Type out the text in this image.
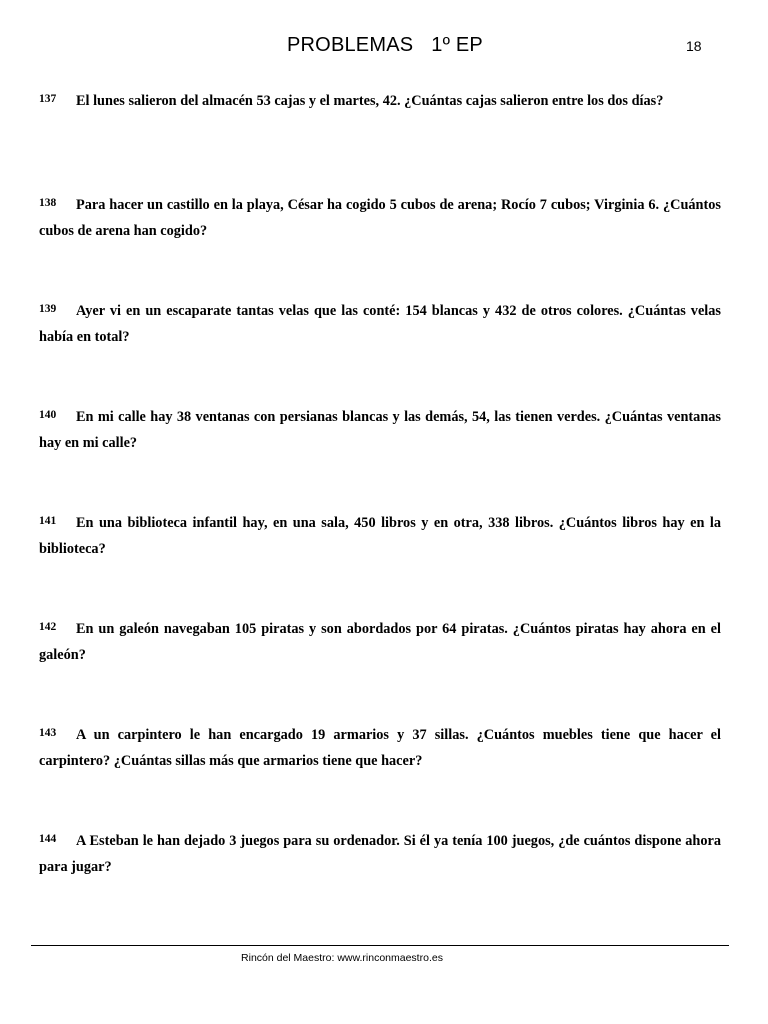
PROBLEMAS 1º EP	18
137 El lunes salieron del almacén 53 cajas y el martes, 42. ¿Cuántas cajas salieron entre los dos días?
138 Para hacer un castillo en la playa, César ha cogido 5 cubos de arena; Rocío 7 cubos; Virginia 6. ¿Cuántos cubos de arena han cogido?
139 Ayer vi en un escaparate tantas velas que las conté: 154 blancas y 432 de otros colores. ¿Cuántas velas había en total?
140 En mi calle hay 38 ventanas con persianas blancas y las demás, 54, las tienen verdes. ¿Cuántas ventanas hay en mi calle?
141 En una biblioteca infantil hay, en una sala, 450 libros y en otra, 338 libros. ¿Cuántos libros hay en la biblioteca?
142 En un galeón navegaban 105 piratas y son abordados por 64 piratas. ¿Cuántos piratas hay ahora en el galeón?
143 A un carpintero le han encargado 19 armarios y 37 sillas. ¿Cuántos muebles tiene que hacer el carpintero? ¿Cuántas sillas más que armarios tiene que hacer?
144 A Esteban le han dejado 3 juegos para su ordenador. Si él ya tenía 100 juegos, ¿de cuántos dispone ahora para jugar?
Rincón del Maestro: www.rinconmaestro.es
